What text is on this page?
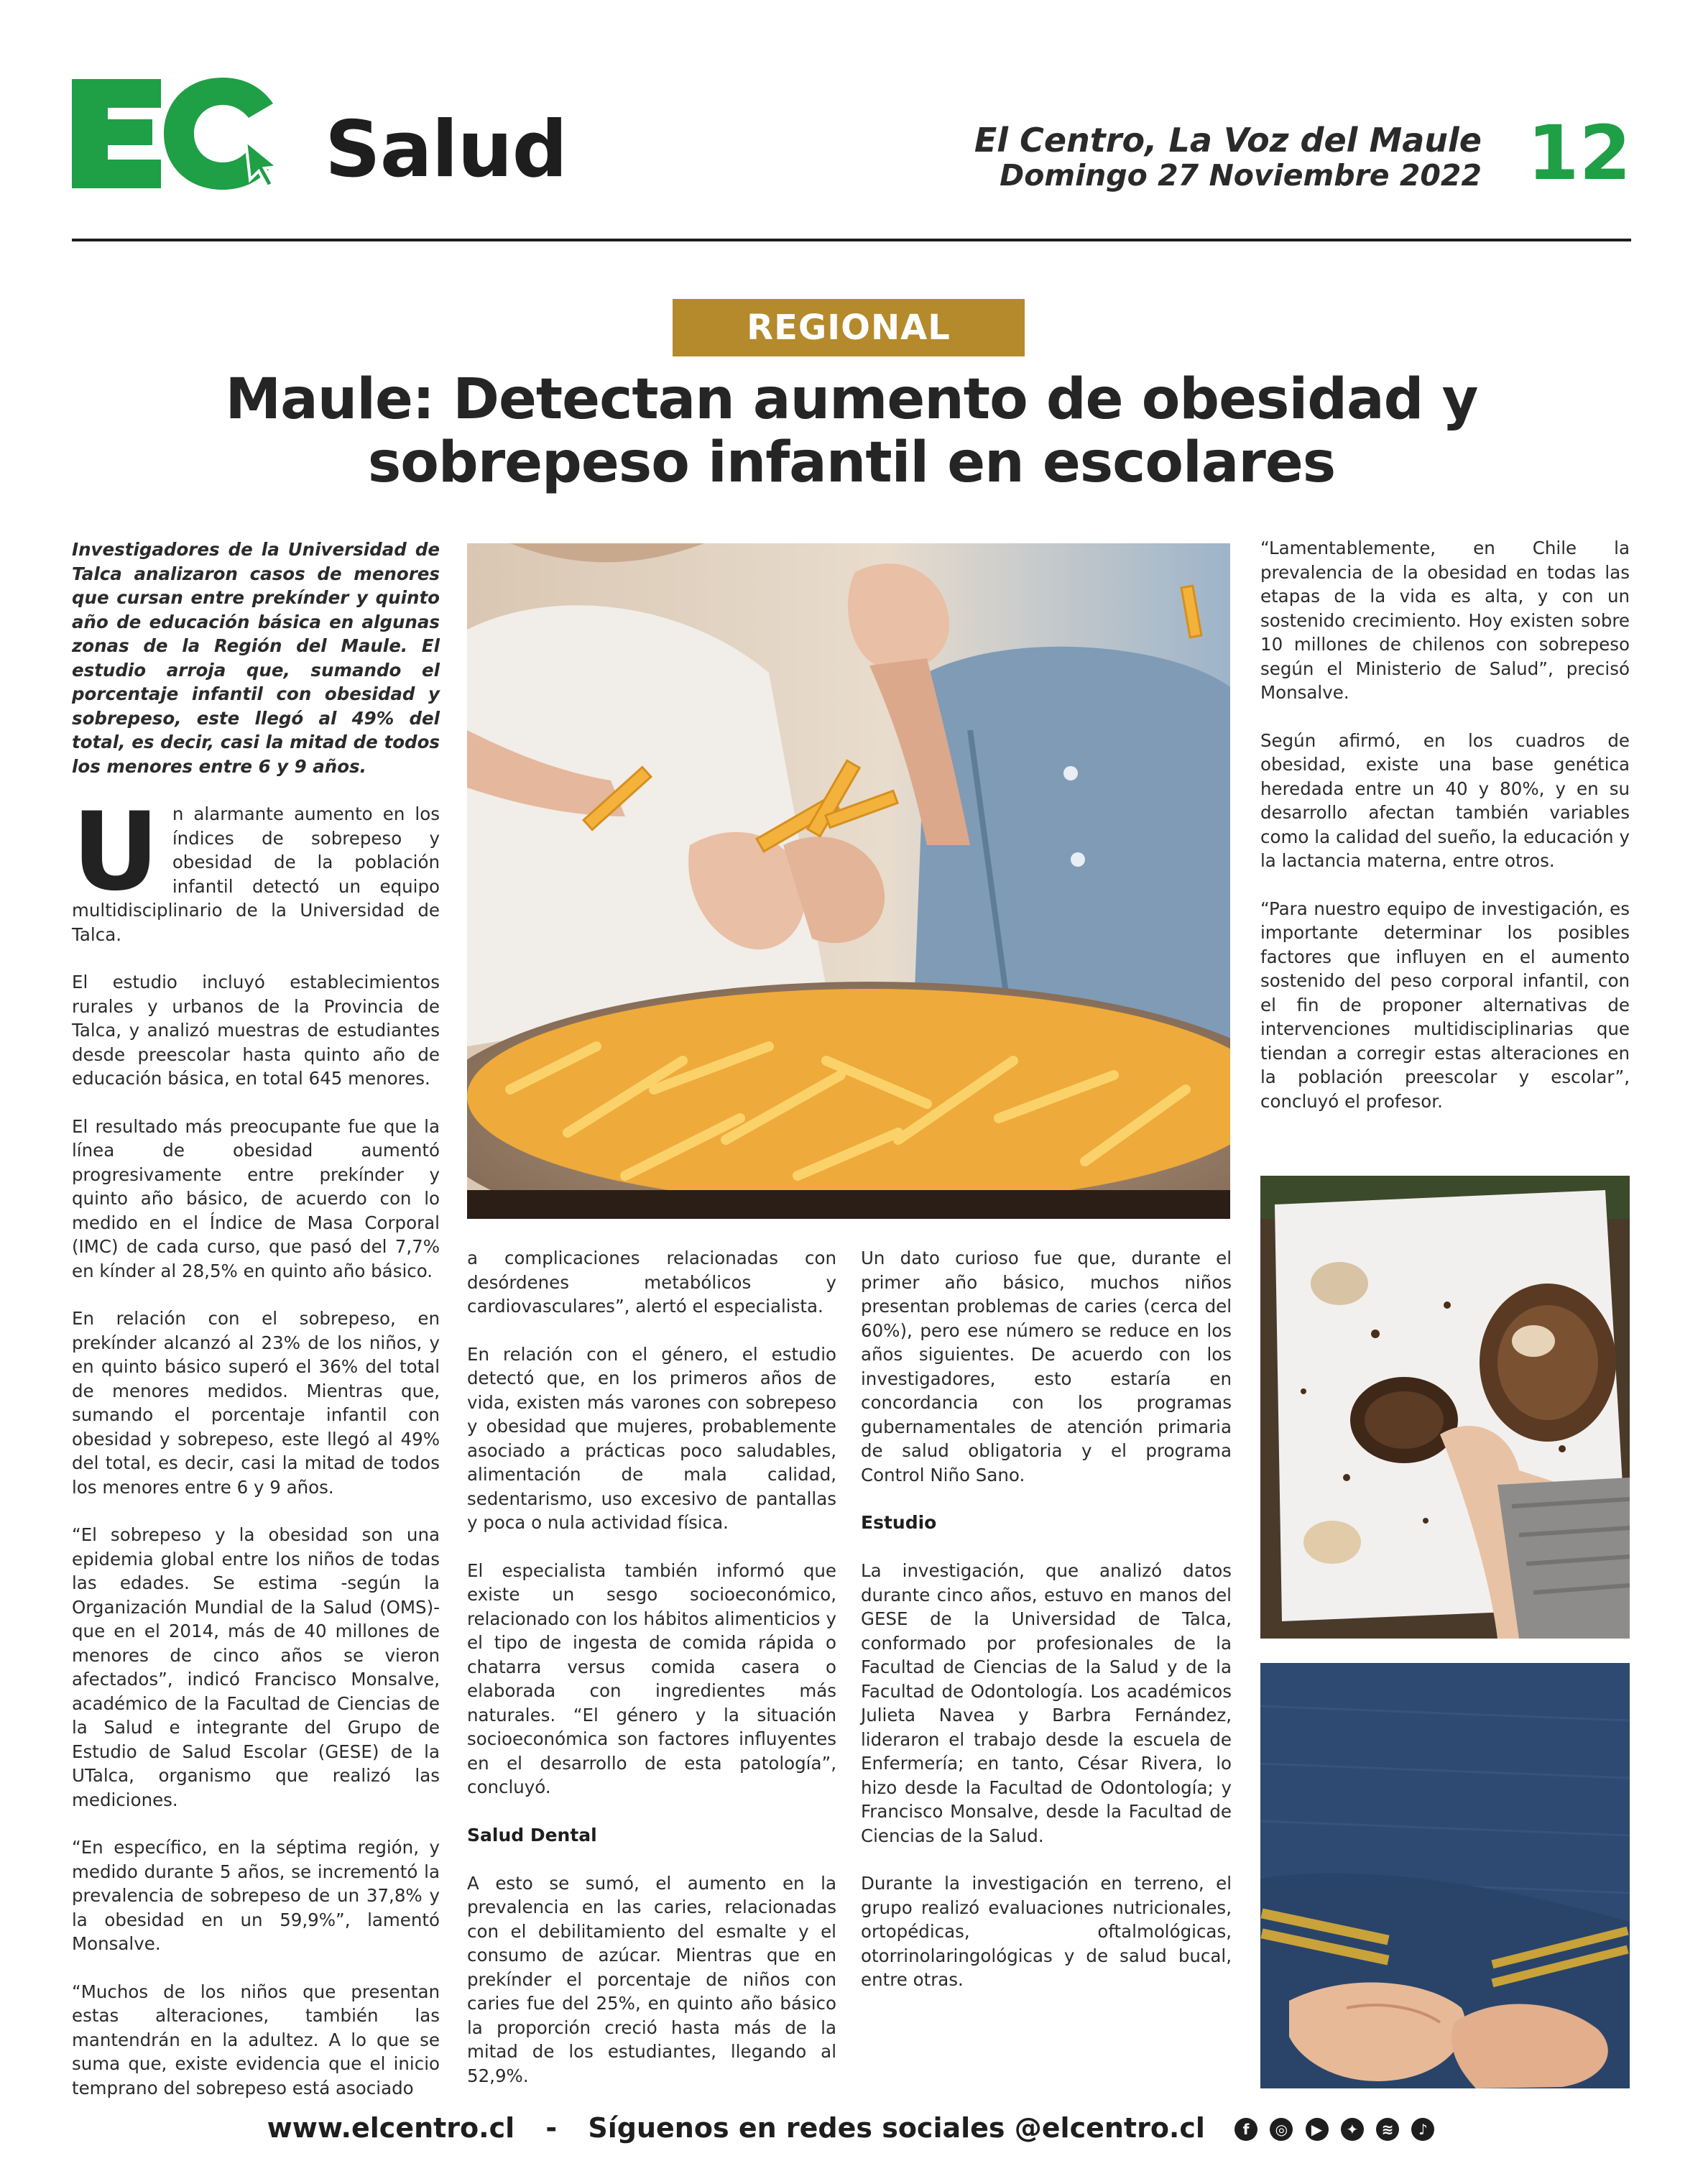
Salud	El Centro, La Voz del Maule
Domingo 27 Noviembre 2022 12
REGIONAL
Maule: Detectan aumento de obesidad y sobrepeso infantil en escolares

Investigadores de la Universidad de Talca analizaron casos de menores que cursan entre prekínder y quinto año de educación básica en algunas zonas de la Región del Maule. El estudio arroja que, sumando el porcentaje infantil con obesidad y sobrepeso, este llegó al 49% del total, es decir, casi la mitad de todos los menores entre 6 y 9 años.

Un alarmante aumento en los índices de sobrepeso y obesidad de la población infantil detectó un equipo multidisciplinario de la Universidad de Talca.

El estudio incluyó establecimientos rurales y urbanos de la Provincia de Talca, y analizó muestras de estudiantes desde preescolar hasta quinto año de educación básica, en total 645 menores.

El resultado más preocupante fue que la línea de obesidad aumentó progresivamente entre prekínder y quinto año básico, de acuerdo con lo medido en el Índice de Masa Corporal (IMC) de cada curso, que pasó del 7,7% en kínder al 28,5% en quinto año básico.

En relación con el sobrepeso, en prekínder alcanzó al 23% de los niños, y en quinto básico superó el 36% del total de menores medidos. Mientras que, sumando el porcentaje infantil con obesidad y sobrepeso, este llegó al 49% del total, es decir, casi la mitad de todos los menores entre 6 y 9 años.

“El sobrepeso y la obesidad son una epidemia global entre los niños de todas las edades. Se estima -según la Organización Mundial de la Salud (OMS)- que en el 2014, más de 40 millones de menores de cinco años se vieron afectados”, indicó Francisco Monsalve, académico de la Facultad de Ciencias de la Salud e integrante del Grupo de Estudio de Salud Escolar (GESE) de la UTalca, organismo que realizó las mediciones.

“En específico, en la séptima región, y medido durante 5 años, se incrementó la prevalencia de sobrepeso de un 37,8% y la obesidad en un 59,9%”, lamentó Monsalve.

“Muchos de los niños que presentan estas alteraciones, también las mantendrán en la adultez. A lo que se suma que, existe evidencia que el inicio temprano del sobrepeso está asociado

a complicaciones relacionadas con desórdenes metabólicos y cardiovasculares”, alertó el especialista.

En relación con el género, el estudio detectó que, en los primeros años de vida, existen más varones con sobrepeso y obesidad que mujeres, probablemente asociado a prácticas poco saludables, alimentación de mala calidad, sedentarismo, uso excesivo de pantallas y poca o nula actividad física.

El especialista también informó que existe un sesgo socioeconómico, relacionado con los hábitos alimenticios y el tipo de ingesta de comida rápida o chatarra versus comida casera o elaborada con ingredientes más naturales. “El género y la situación socioeconómica son factores influyentes en el desarrollo de esta patología”, concluyó.

Salud Dental

A esto se sumó, el aumento en la prevalencia en las caries, relacionadas con el debilitamiento del esmalte y el consumo de azúcar. Mientras que en prekínder el porcentaje de niños con caries fue del 25%, en quinto año básico la proporción creció hasta más de la mitad de los estudiantes, llegando al 52,9%.

Un dato curioso fue que, durante el primer año básico, muchos niños presentan problemas de caries (cerca del 60%), pero ese número se reduce en los años siguientes. De acuerdo con los investigadores, esto estaría en concordancia con los programas gubernamentales de atención primaria de salud obligatoria y el programa Control Niño Sano.

Estudio

La investigación, que analizó datos durante cinco años, estuvo en manos del GESE de la Universidad de Talca, conformado por profesionales de la Facultad de Ciencias de la Salud y de la Facultad de Odontología. Los académicos Julieta Navea y Barbra Fernández, lideraron el trabajo desde la escuela de Enfermería; en tanto, César Rivera, lo hizo desde la Facultad de Odontología; y Francisco Monsalve, desde la Facultad de Ciencias de la Salud.

Durante la investigación en terreno, el grupo realizó evaluaciones nutricionales, ortopédicas, oftalmológicas, otorrinolaringológicas y de salud bucal, entre otras.

“Lamentablemente, en Chile la prevalencia de la obesidad en todas las etapas de la vida es alta, y con un sostenido crecimiento. Hoy existen sobre 10 millones de chilenos con sobrepeso según el Ministerio de Salud”, precisó Monsalve.

Según afirmó, en los cuadros de obesidad, existe una base genética heredada entre un 40 y 80%, y en su desarrollo afectan también variables como la calidad del sueño, la educación y la lactancia materna, entre otros.

“Para nuestro equipo de investigación, es importante determinar los posibles factores que influyen en el aumento sostenido del peso corporal infantil, con el fin de proponer alternativas de intervenciones multidisciplinarias que tiendan a corregir estas alteraciones en la población preescolar y escolar”, concluyó el profesor.

www.elcentro.cl - Síguenos en redes sociales @elcentro.cl	f ◎ ▶ ✦ ≋ ♪
